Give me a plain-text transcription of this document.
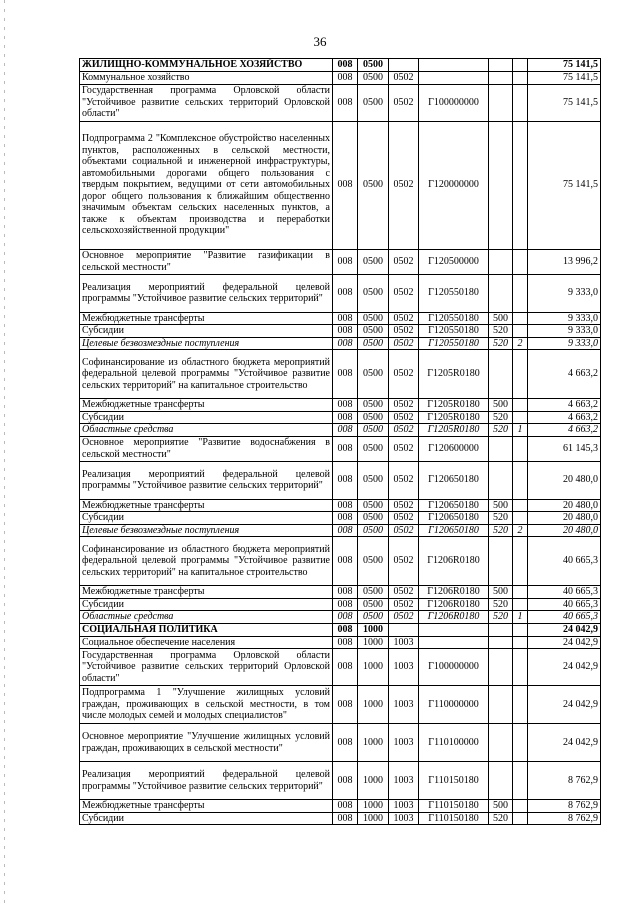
36
ЖИЛИЩНО-КОММУНАЛЬНОЕ ХОЗЯЙСТВО	008	0500					75 141,5
Коммунальное хозяйство	008	0500	0502				75 141,5
Государственная программа Орловской области "Устойчивое развитие сельских территорий Орловской области"	008	0500	0502	Г100000000			75 141,5
Подпрограмма 2 "Комплексное обустройство населенных пунктов, расположенных в сельской местности, объектами социальной и инженерной инфраструктуры, автомобильными дорогами общего пользования с твердым покрытием, ведущими от сети автомобильных дорог общего пользования к ближайшим общественно значимым объектам сельских населенных пунктов, а также к объектам производства и переработки сельскохозяйственной продукции"	008	0500	0502	Г120000000			75 141,5
Основное мероприятие "Развитие газификации в сельской местности"	008	0500	0502	Г120500000			13 996,2
Реализация мероприятий федеральной целевой программы "Устойчивое развитие сельских территорий"	008	0500	0502	Г120550180			9 333,0
Межбюджетные трансферты	008	0500	0502	Г120550180	500		9 333,0
Субсидии	008	0500	0502	Г120550180	520		9 333,0
Целевые безвозмездные поступления	008	0500	0502	Г120550180	520	2	9 333,0
Софинансирование из областного бюджета мероприятий федеральной целевой программы "Устойчивое развитие сельских территорий" на капитальное строительство	008	0500	0502	Г1205R0180			4 663,2
Межбюджетные трансферты	008	0500	0502	Г1205R0180	500		4 663,2
Субсидии	008	0500	0502	Г1205R0180	520		4 663,2
Областные средства	008	0500	0502	Г1205R0180	520	1	4 663,2
Основное мероприятие "Развитие водоснабжения в сельской местности"	008	0500	0502	Г120600000			61 145,3
Реализация мероприятий федеральной целевой программы "Устойчивое развитие сельских территорий"	008	0500	0502	Г120650180			20 480,0
Межбюджетные трансферты	008	0500	0502	Г120650180	500		20 480,0
Субсидии	008	0500	0502	Г120650180	520		20 480,0
Целевые безвозмездные поступления	008	0500	0502	Г120650180	520	2	20 480,0
Софинансирование из областного бюджета мероприятий федеральной целевой программы "Устойчивое развитие сельских территорий" на капитальное строительство	008	0500	0502	Г1206R0180			40 665,3
Межбюджетные трансферты	008	0500	0502	Г1206R0180	500		40 665,3
Субсидии	008	0500	0502	Г1206R0180	520		40 665,3
Областные средства	008	0500	0502	Г1206R0180	520	1	40 665,3
СОЦИАЛЬНАЯ ПОЛИТИКА	008	1000					24 042,9
Социальное обеспечение населения	008	1000	1003				24 042,9
Государственная программа Орловской области "Устойчивое развитие сельских территорий Орловской области"	008	1000	1003	Г100000000			24 042,9
Подпрограмма 1 "Улучшение жилищных условий граждан, проживающих в сельской местности, в том числе молодых семей и молодых специалистов"	008	1000	1003	Г110000000			24 042,9
Основное мероприятие "Улучшение жилищных условий граждан, проживающих в сельской местности"	008	1000	1003	Г110100000			24 042,9
Реализация мероприятий федеральной целевой программы "Устойчивое развитие сельских территорий"	008	1000	1003	Г110150180			8 762,9
Межбюджетные трансферты	008	1000	1003	Г110150180	500		8 762,9
Субсидии	008	1000	1003	Г110150180	520		8 762,9
